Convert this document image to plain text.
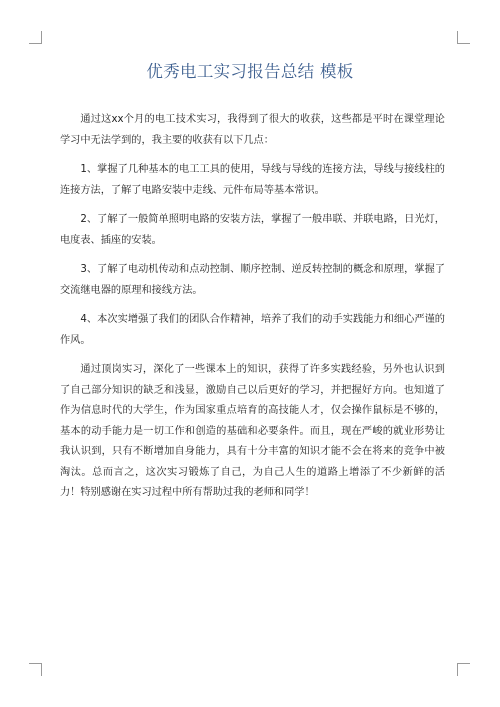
优秀电工实习报告总结 模板

通过这xx个月的电工技术实习，我得到了很大的收获，这些都是平时在课堂理论学习中无法学到的，我主要的收获有以下几点：

1、掌握了几种基本的电工工具的使用，导线与导线的连接方法，导线与接线柱的连接方法，了解了电路安装中走线、元件布局等基本常识。

2、了解了一般简单照明电路的安装方法，掌握了一般串联、并联电路，日光灯，电度表、插座的安装。

3、了解了电动机传动和点动控制、顺序控制、逆反转控制的概念和原理，掌握了交流继电器的原理和接线方法。

4、本次实增强了我们的团队合作精神，培养了我们的动手实践能力和细心严谨的作风。

通过顶岗实习，深化了一些课本上的知识，获得了许多实践经验，另外也认识到了自己部分知识的缺乏和浅显，激励自己以后更好的学习，并把握好方向。也知道了作为信息时代的大学生，作为国家重点培育的高技能人才，仅会操作鼠标是不够的，基本的动手能力是一切工作和创造的基础和必要条件。而且，现在严峻的就业形势让我认识到，只有不断增加自身能力，具有十分丰富的知识才能不会在将来的竞争中被淘汰。总而言之，这次实习锻炼了自己，为自己人生的道路上增添了不少新鲜的活力！特别感谢在实习过程中所有帮助过我的老师和同学！
